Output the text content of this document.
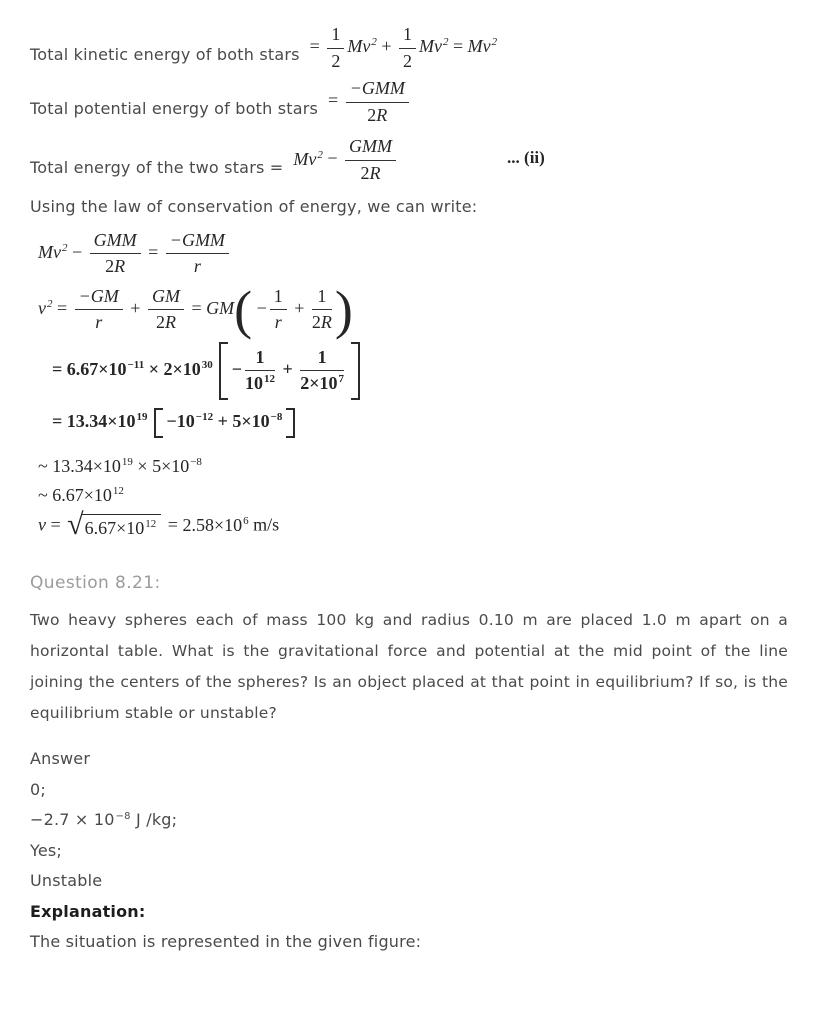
Total kinetic energy of both stars = $\frac{1}{2} Mv^2 + \frac{1}{2} Mv^2 = Mv^2$
Total potential energy of both stars = $\frac{\text{−GMM}}{2R}$
Total energy of the two stars = $Mv^2 - \frac{\text{GMM}}{2R}$	... (ii)

Using the law of conservation of energy, we can write:

$Mv^2 - \frac{\text{GMM}}{2R} = \frac{\text{−GMM}}{r}$
$v^2 = \frac{-GM}{r} + \frac{GM}{2R} = GM( - \frac{1}{r} + \frac{1}{2R}$ )
= $6.67\times 10^{-11} \times 2\times 10^{30} - \frac{1}{10^{12}} + \frac{1}{2\times 10^7}$
= $13.34\times 10^{19} -10^{-12} + 5\times 10^{-8}$
~ $13.34\times 10^{19} \times 5\times 10^{-8}$
~ $6.67\times 10^{12}$
v = √ $6.67\times 10^{12} = 2.58\times 10^6$ m/s
Question 8.21:

Two heavy spheres each of mass 100 kg and radius 0.10 m are placed 1.0 m apart on a horizontal table. What is the gravitational force and potential at the mid point of the line joining the centers of the spheres? Is an object placed at that point in equilibrium? If so, is the equilibrium stable or unstable?

Answer

0;

$-2.7 \times 10^{-8}$ J /kg;

Yes;

Unstable

Explanation:

The situation is represented in the given figure:
